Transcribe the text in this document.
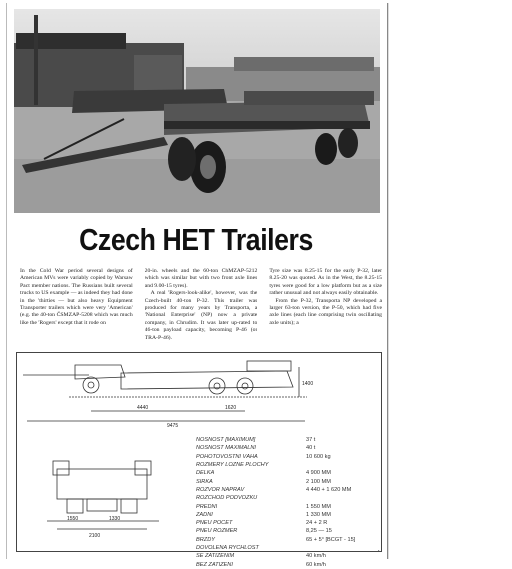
Czech HET Trailers

In the Cold War period several designs of American MVs were variably copied by Warsaw Pact member nations. The Russians built several trucks to US example — as indeed they had done in the 'thirties — but also heavy Equipment Transporter trailers which were very 'American' (e.g. the 40-ton ČSMZAP-5208 which was much like the 'Rogers' except that it rode on

20-in. wheels and the 60-ton ChMZAP-5212 which was similar but with two front axle lines and 9.00-15 tyres).

A real 'Rogers-look-alike', however, was the Czech-built 40-ton P-32. This trailer was produced for many years by Transporta, a 'National Enterprise' (NP) now a private company, in Chrudim. It was later up-rated to 46-ton payload capacity, becoming P-46 (or TRA-P-46).

Tyre size was 8.25-15 for the early P-32, later 8.25-20 was quoted. As in the West, the 8.25-15 tyres were good for a low platform but as a size rather unusual and not always easily obtainable.

From the P-32, Transporta NP developed a larger 63-ton version, the P-50, which had five axle lines (each line comprising twin oscillating axle units); a

4440	1620
9475
1400
1550	1330
2100
NOSNOST [MAXIMUM]	37 t
NOSNOST MAXIMÁLNÍ	40 t
POHOTOVOSTNÍ VÁHA	10 600 kg
ROZMĚRY LOŽNÉ PLOCHY
DÉLKA	4 900 MM
ŠÍŘKA	2 100 MM
ROZVOR NÁPRAV	4 440 + 1 620 MM
ROZCHOD PODVOZKŮ
PŘEDNÍ	1 550 MM
ZADNÍ	1 330 MM
PNEU POČET	24 + 2 R
PNEU ROZMĚR	8,25 — 15
BRZDY	65 + 5° [BCGT - 15]
DOVOLENÁ RYCHLOST
SE ZATÍŽENÍM	40 km/h
BEZ ZATÍŽENÍ	60 km/h
•
